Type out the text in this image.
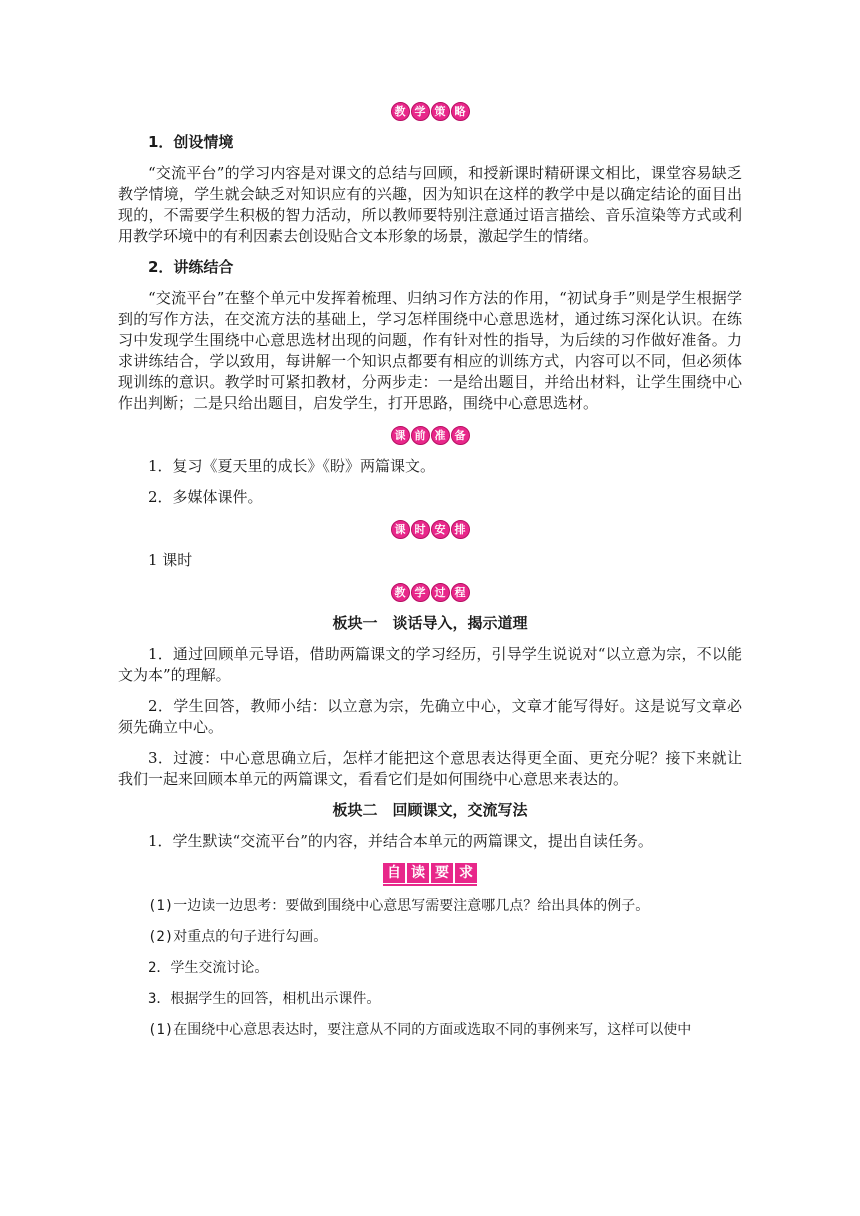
教 学 策 略

1．创设情境

“交流平台”的学习内容是对课文的总结与回顾，和授新课时精研课文相比，课堂容易缺乏教学情境，学生就会缺乏对知识应有的兴趣，因为知识在这样的教学中是以确定结论的面目出现的，不需要学生积极的智力活动，所以教师要特别注意通过语言描绘、音乐渲染等方式或利用教学环境中的有利因素去创设贴合文本形象的场景，激起学生的情绪。

2．讲练结合

“交流平台”在整个单元中发挥着梳理、归纳习作方法的作用，“初试身手”则是学生根据学到的写作方法，在交流方法的基础上，学习怎样围绕中心意思选材，通过练习深化认识。在练习中发现学生围绕中心意思选材出现的问题，作有针对性的指导，为后续的习作做好准备。力求讲练结合，学以致用，每讲解一个知识点都要有相应的训练方式，内容可以不同，但必须体现训练的意识。教学时可紧扣教材，分两步走：一是给出题目，并给出材料，让学生围绕中心作出判断；二是只给出题目，启发学生，打开思路，围绕中心意思选材。

课 前 准 备

1．复习《夏天里的成长》《盼》两篇课文。

2．多媒体课件。

课 时 安 排

1 课时

教 学 过 程

板块一　谈话导入，揭示道理

1．通过回顾单元导语，借助两篇课文的学习经历，引导学生说说对“以立意为宗，不以能文为本”的理解。

2．学生回答，教师小结：以立意为宗，先确立中心，文章才能写得好。这是说写文章必须先确立中心。

3．过渡：中心意思确立后，怎样才能把这个意思表达得更全面、更充分呢？接下来就让我们一起来回顾本单元的两篇课文，看看它们是如何围绕中心意思来表达的。

板块二　回顾课文，交流写法

1．学生默读“交流平台”的内容，并结合本单元的两篇课文，提出自读任务。

自 读 要 求

(1)一边读一边思考：要做到围绕中心意思写需要注意哪几点？给出具体的例子。

(2)对重点的句子进行勾画。

2．学生交流讨论。

3．根据学生的回答，相机出示课件。

(1)在围绕中心意思表达时，要注意从不同的方面或选取不同的事例来写，这样可以使中
